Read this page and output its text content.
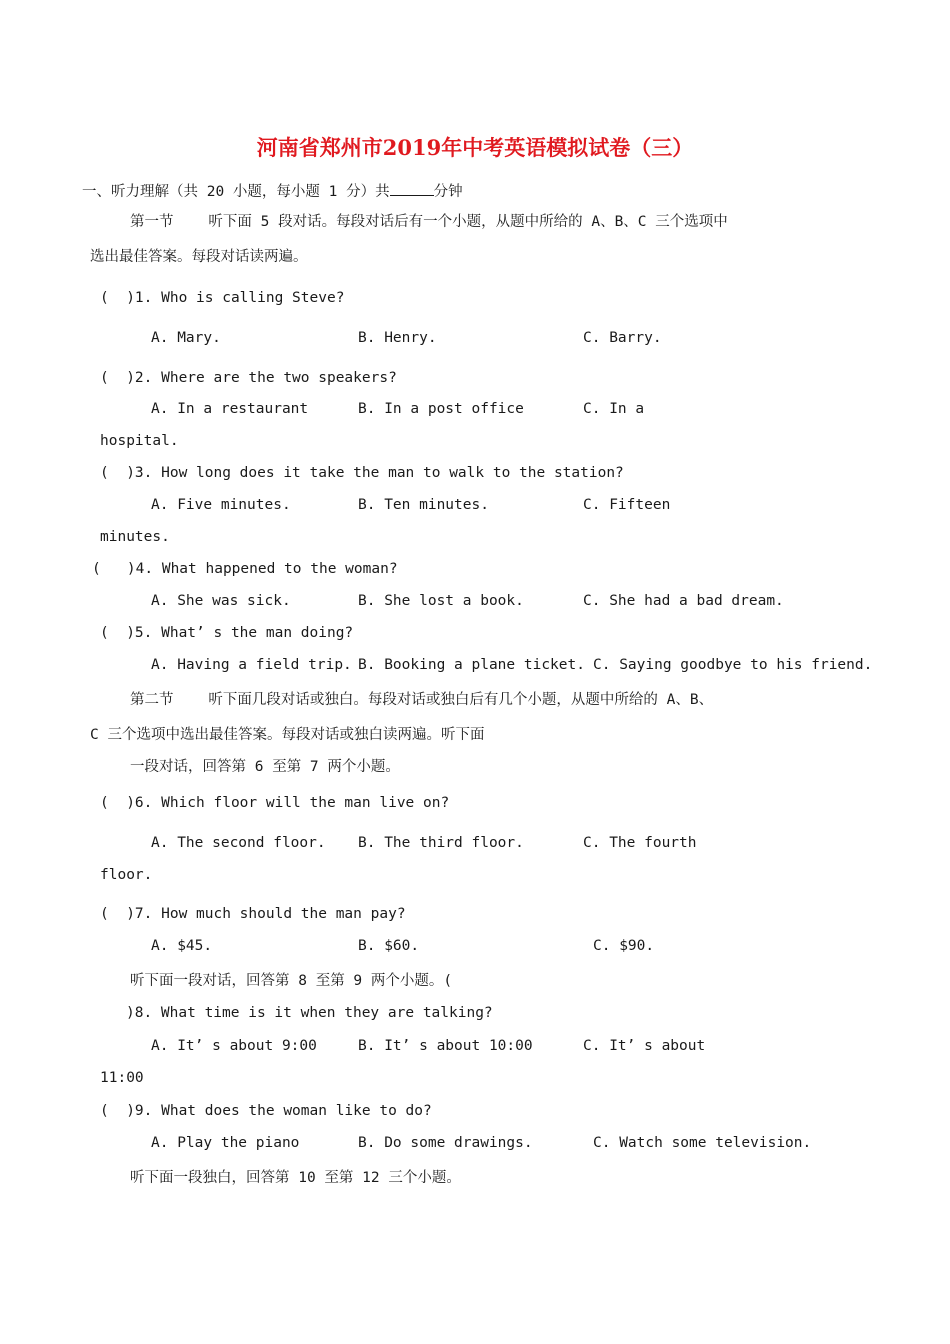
河南省郑州市2019年中考英语模拟试卷（三）
一、听力理解（共 20 小题，每小题 1 分）共	分钟
第一节    听下面 5 段对话。每段对话后有一个小题，从题中所给的 A、B、C 三个选项中
选出最佳答案。每段对话读两遍。
(  )1. Who is calling Steve?
A. Mary.	B. Henry.	C. Barry.
(  )2. Where are the two speakers?
A. In a restaurant	B. In a post office	C. In a
hospital.
(  )3. How long does it take the man to walk to the station?
A. Five minutes.	B. Ten minutes.	C. Fifteen
minutes.
(   )4. What happened to the woman?
A. She was sick.	B. She lost a book.	C. She had a bad dream.
(  )5. What’ s the man doing?
A. Having a field trip. B. Booking a plane ticket. C. Saying goodbye to his friend.
第二节    听下面几段对话或独白。每段对话或独白后有几个小题，从题中所给的 A、B、
C 三个选项中选出最佳答案。每段对话或独白读两遍。听下面
一段对话，回答第 6 至第 7 两个小题。
(  )6. Which floor will the man live on?
A. The second floor. B. The third floor.	C. The fourth
floor.
(  )7. How much should the man pay?
A. $45.	B. $60.	C. $90.
听下面一段对话，回答第 8 至第 9 两个小题。(
)8. What time is it when they are talking?
A. It’ s about 9:00	B. It’ s about 10:00	C. It’ s about
11:00
(  )9. What does the woman like to do?
A. Play the piano	B. Do some drawings.	C. Watch some television.
听下面一段独白，回答第 10 至第 12 三个小题。
